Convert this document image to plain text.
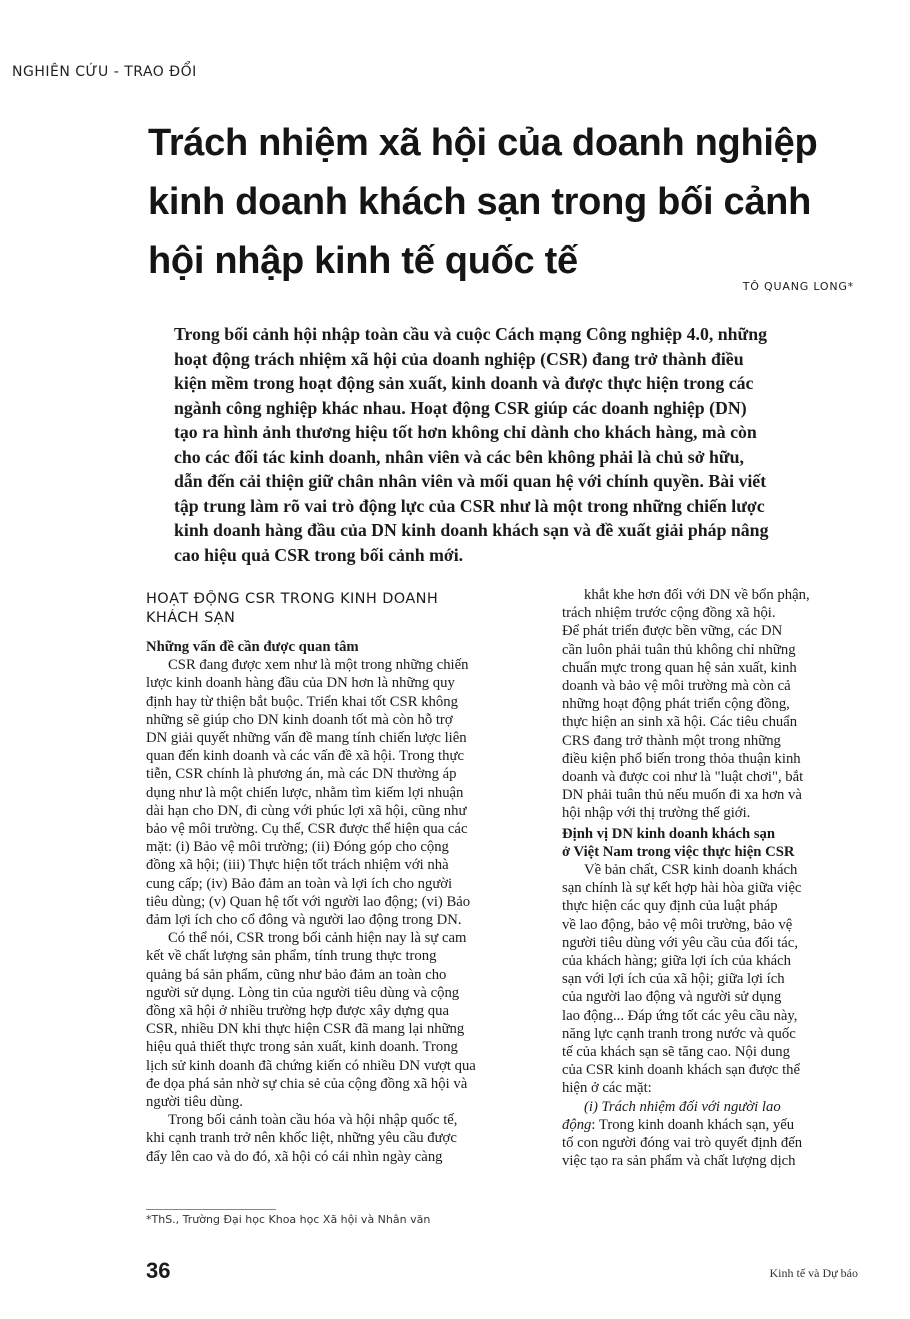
NGHIÊN CỨU - TRAO ĐỔI
Trách nhiệm xã hội của doanh nghiệp
kinh doanh khách sạn trong bối cảnh
hội nhập kinh tế quốc tế
TÔ QUANG LONG*
Trong bối cảnh hội nhập toàn cầu và cuộc Cách mạng Công nghiệp 4.0, những
hoạt động trách nhiệm xã hội của doanh nghiệp (CSR) đang trở thành điều
kiện mềm trong hoạt động sản xuất, kinh doanh và được thực hiện trong các
ngành công nghiệp khác nhau. Hoạt động CSR giúp các doanh nghiệp (DN)
tạo ra hình ảnh thương hiệu tốt hơn không chỉ dành cho khách hàng, mà còn
cho các đối tác kinh doanh, nhân viên và các bên không phải là chủ sở hữu,
dẫn đến cải thiện giữ chân nhân viên và mối quan hệ với chính quyền. Bài viết
tập trung làm rõ vai trò động lực của CSR như là một trong những chiến lược
kinh doanh hàng đầu của DN kinh doanh khách sạn và đề xuất giải pháp nâng
cao hiệu quả CSR trong bối cảnh mới.
HOẠT ĐỘNG CSR TRONG KINH DOANH
KHÁCH SẠN
Những vấn đề cần được quan tâm
CSR đang được xem như là một trong những chiến
lược kinh doanh hàng đầu của DN hơn là những quy
định hay từ thiện bắt buộc. Triển khai tốt CSR không
những sẽ giúp cho DN kinh doanh tốt mà còn hỗ trợ
DN giải quyết những vấn đề mang tính chiến lược liên
quan đến kinh doanh và các vấn đề xã hội. Trong thực
tiễn, CSR chính là phương án, mà các DN thường áp
dụng như là một chiến lược, nhằm tìm kiếm lợi nhuận
dài hạn cho DN, đi cùng với phúc lợi xã hội, cũng như
bảo vệ môi trường. Cụ thể, CSR được thể hiện qua các
mặt: (i) Bảo vệ môi trường; (ii) Đóng góp cho cộng
đồng xã hội; (iii) Thực hiện tốt trách nhiệm với nhà
cung cấp; (iv) Bảo đảm an toàn và lợi ích cho người
tiêu dùng; (v) Quan hệ tốt với người lao động; (vi) Bảo
đảm lợi ích cho cổ đông và người lao động trong DN.
Có thể nói, CSR trong bối cảnh hiện nay là sự cam
kết về chất lượng sản phẩm, tính trung thực trong
quảng bá sản phẩm, cũng như bảo đảm an toàn cho
người sử dụng. Lòng tin của người tiêu dùng và cộng
đồng xã hội ở nhiều trường hợp được xây dựng qua
CSR, nhiều DN khi thực hiện CSR đã mang lại những
hiệu quả thiết thực trong sản xuất, kinh doanh. Trong
lịch sử kinh doanh đã chứng kiến có nhiều DN vượt qua
đe dọa phá sản nhờ sự chia sẻ của cộng đồng xã hội và
người tiêu dùng.
Trong bối cảnh toàn cầu hóa và hội nhập quốc tế,
khi cạnh tranh trở nên khốc liệt, những yêu cầu được
đẩy lên cao và do đó, xã hội có cái nhìn ngày càng
khắt khe hơn đối với DN về bổn phận,
trách nhiệm trước cộng đồng xã hội.
Để phát triển được bền vững, các DN
cần luôn phải tuân thủ không chỉ những
chuẩn mực trong quan hệ sản xuất, kinh
doanh và bảo vệ môi trường mà còn cả
những hoạt động phát triển cộng đồng,
thực hiện an sinh xã hội. Các tiêu chuẩn
CRS đang trở thành một trong những
điều kiện phổ biến trong thỏa thuận kinh
doanh và được coi như là "luật chơi", bắt
DN phải tuân thủ nếu muốn đi xa hơn và
hội nhập với thị trường thế giới.
Định vị DN kinh doanh khách sạn
ở Việt Nam trong việc thực hiện CSR
Về bản chất, CSR kinh doanh khách
sạn chính là sự kết hợp hài hòa giữa việc
thực hiện các quy định của luật pháp
về lao động, bảo vệ môi trường, bảo vệ
người tiêu dùng với yêu cầu của đối tác,
của khách hàng; giữa lợi ích của khách
sạn với lợi ích của xã hội; giữa lợi ích
của người lao động và người sử dụng
lao động... Đáp ứng tốt các yêu cầu này,
năng lực cạnh tranh trong nước và quốc
tế của khách sạn sẽ tăng cao. Nội dung
của CSR kinh doanh khách sạn được thể
hiện ở các mặt:
(i) Trách nhiệm đối với người lao
động: Trong kinh doanh khách sạn, yếu
tố con người đóng vai trò quyết định đến
việc tạo ra sản phẩm và chất lượng dịch
*ThS., Trường Đại học Khoa học Xã hội và Nhân văn
36	Kinh tế và Dự báo
